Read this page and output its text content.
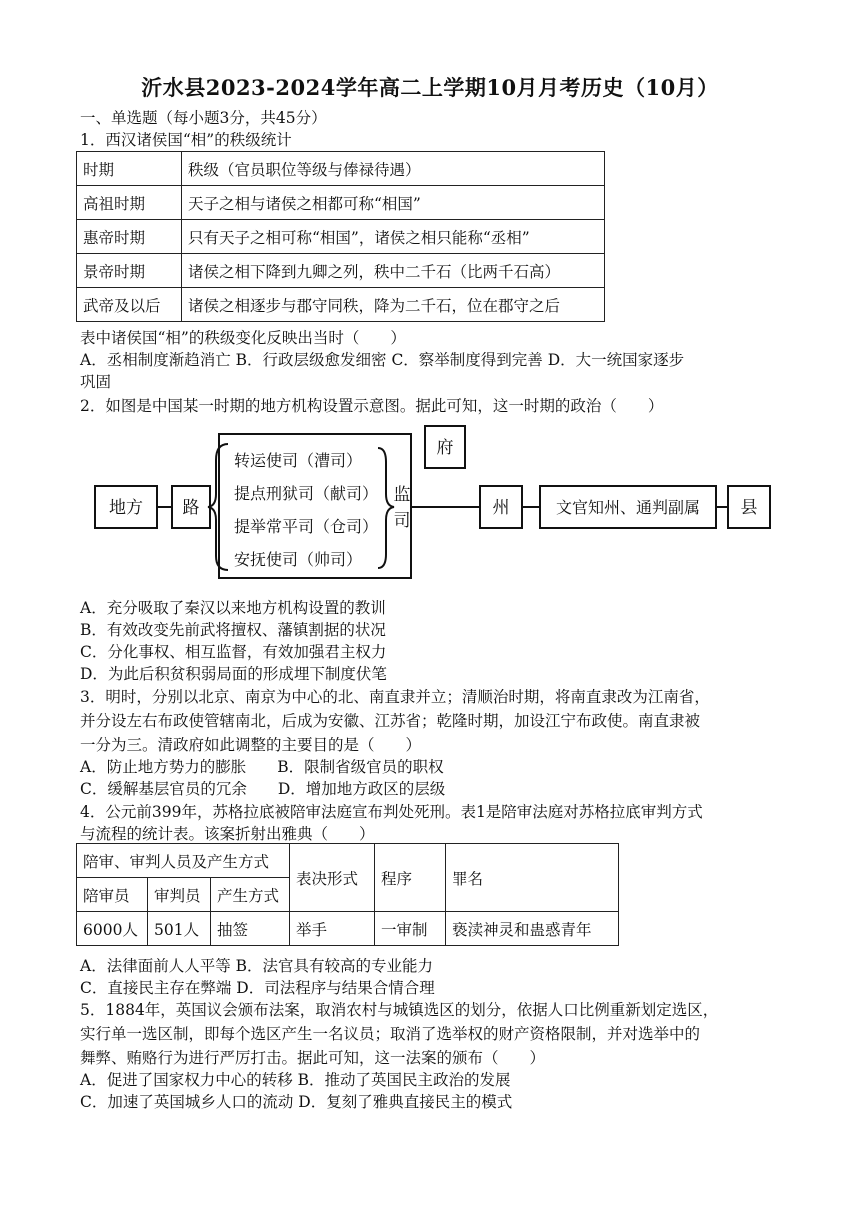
沂水县2023-2024学年高二上学期10月月考历史（10月）
一、单选题（每小题3分，共45分）
1．西汉诸侯国“相”的秩级统计
时期	秩级（官员职位等级与俸禄待遇）
高祖时期	天子之相与诸侯之相都可称“相国”
惠帝时期	只有天子之相可称“相国”，诸侯之相只能称“丞相”
景帝时期	诸侯之相下降到九卿之列，秩中二千石（比两千石高）
武帝及以后	诸侯之相逐步与郡守同秩，降为二千石，位在郡守之后
表中诸侯国“相”的秩级变化反映出当时（　　）
A．丞相制度渐趋消亡 B．行政层级愈发细密 C．察举制度得到完善 D．大一统国家逐步
巩固
2．如图是中国某一时期的地方机构设置示意图。据此可知，这一时期的政治（　　）
地方 路
转运使司（漕司）
提点刑狱司（献司）
提举常平司（仓司）
安抚使司（帅司）
监
司
府
州	文官知州、通判副属 县
A．充分吸取了秦汉以来地方机构设置的教训
B．有效改变先前武将擅权、藩镇割据的状况
C．分化事权、相互监督，有效加强君主权力
D．为此后积贫积弱局面的形成埋下制度伏笔
3．明时，分别以北京、南京为中心的北、南直隶并立；清顺治时期，将南直隶改为江南省，
并分设左右布政使管辖南北，后成为安徽、江苏省；乾隆时期，加设江宁布政使。南直隶被
一分为三。清政府如此调整的主要目的是（　　）
A．防止地方势力的膨胀　　B．限制省级官员的职权
C．缓解基层官员的冗余　　D．增加地方政区的层级
4．公元前399年，苏格拉底被陪审法庭宣布判处死刑。表1是陪审法庭对苏格拉底审判方式
与流程的统计表。该案折射出雅典（　　）
陪审、审判人员及产生方式			表决形式	程序	罪名
陪审员	审判员	产生方式			
6000人	501人	抽签	举手	一审制	亵渎神灵和蛊惑青年
A．法律面前人人平等 B．法官具有较高的专业能力
C．直接民主存在弊端 D．司法程序与结果合情合理
5．1884年，英国议会颁布法案，取消农村与城镇选区的划分，依据人口比例重新划定选区，
实行单一选区制，即每个选区产生一名议员；取消了选举权的财产资格限制，并对选举中的
舞弊、贿赂行为进行严厉打击。据此可知，这一法案的颁布（　　）
A．促进了国家权力中心的转移 B．推动了英国民主政治的发展
C．加速了英国城乡人口的流动 D．复刻了雅典直接民主的模式
